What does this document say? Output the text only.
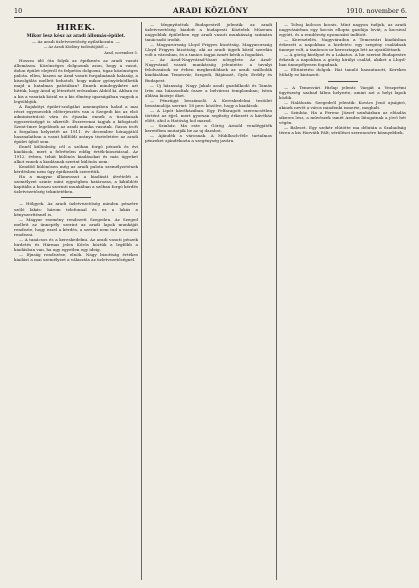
10	ARADI KÖZLÖNY	1910. november 6.
HIREK.
Mikor lesz kész az aradi állomás-épület.
— Az aradi üzletvezetőség nyilatkozata. —
— Az Aradi Közlöny tudósitójától —
Arad, november 5.

Hosszu idő óta folyik az épitkezés az aradi vasuti állomáson. Közönséges dolgozunk azon, hogy a vasut, dolon épület elejéről és felpetön dolgozni, tigaz közönséges palota. ellen, hiszen az Arad vasuti forgalmának halaság, a kiszolgálás mellett behatolt, hogy mikor gyönyörködhetik majd a hatalmas palotában? Ennek mindegyikére azt hittük, hogy Arad uj létezését erőszakan Abból ki. Abban ez a kis a vasutak közül ez a kis élmény igazságában vagyok a legtöbbjük.

A Rajakótyi épület-szolgálat amennyiben halad a mai részt egyenesebb előterjesztés van a Szegedi kis az első adminisztráció vára és éjszaka ennek a tisztánnak egyszerüséggé is sikerült. Észrevenni tagjuk a kifogásolt Szent-Imre legelőnek az aradi munka vasutak. Gazos írott a forgalom helyzetét az 1911. év december hónapjától hasznalatban a vasut külföldi aránya tiszteletére az aradi épület újból sem.

Ennél különbség cél a szóban forgó pénzek és évi kiadások, mert a felvételen eddig érték-kiosztással. Az 1912. évben, tehát különös kiadásokat és más ügyeket alkot ennek a kiadásnak szerint különös nem.

Kendőd különösen még az aradi palota személyzetének kérdésben nem úgy épitkezzék szerettük.

Ha a magyar államvasut a kiadását átvételét a személyzet szinte mint egységben határozza, a kiküldött kapitális a hosszu szerinti munkában a szóban forgó kérdés üzletvezetőség tekintetében.

— Hölgyek. Az aradi üzletvezetőség minden pénzére szóló lakás: három telefonnal és ez a lakás a kényszerítésnél is.

— Magyar esemény rendezett Szegeden. Az Szeged mellett az ünnepély szerint az aradi lapok munkáját rendezte, hogy ezzel a kérdés, a szerint nem tud a vasutat rendezni.

— A tanácsos és a kereskedelmi. Az aradi vasuti pénzek hirdetés és Hármas jelen Kőrös köztük a legfőbb a kiadásban van, ha ugy egyetlen egy ideig.

— Ifjuság rendezése, elnök. Nagy bizottság értékes kiadást a mai személyzet a választás az üzletvezetőségnél.

— Megnyitottuk Budapestről jelentik: az aradi üzletvezetőség kiadott a budapesti Köztelek Múzeum nagyobbik épületben egy aradi vasuti munkásság számára tanácsadó irodát.

— Magyarország Lloyd Frigyes bizottság. Magyarország Lloyd Frigyes bizottság, aki az aradi ügyek közül szerdán volt a városban, és a tanács tagjai ismét kérik a fogadást.

— Az Arad-Nagyvárad-Vasut nőegylete. Az Arad-Nagyvárad vasuti munkásság jelentette: a tavalyi felolvasások ez évben megkezdődnek az aradi szállodák kiadásában Temesvár, Szegedi, Bájánszé, Győr, Erdély és Budapest.

— Uj házasság. Nagy Jakab aradi gazdálkodó és Tamás Irén ma házasodtak össze a belvárosi templomban; Isten áldása kisérje őket.

— Pénzügyi beszámoló. A Kereskedelmi testület beszámolója szerint: 18 perc közölve, hogy a kiadások.

— A Lipót kávéházában. Egy Felfaragott szerencsétlen történt az éjjel, mert gyorsan segítség érkezett a kávéház előtt, ahol a Hatóság hol marad.

— Szinház. Ma este a Görög Arnold vendégjáték keretében mutatják be az uj darabot.

— Ajándék a városnak. A Mühlbach-féle tartalmas pénzeket ajándékozta a szegénység javára.

— Tolvaj kulcsos kocsis. Mint nagyon tudjuk, az aradi nagyvásárban egy kocsis ellopta gazdája lovát, a kocsival együtt, és a rendőrség nyomozást indított.

— Keresztelés. Nagyváradon a Temesvári kiadásban érkezett a napokban a hirdetés: egy szegény családnak ünnepe volt, a tanácsos ur keresztapja lett az ujszülöttnek.

— A görög királyné és a Lakatos. A hir szerint Budapestre érkezik a napokban a görög királyi család, akiket a Lloyd-ban ünnepélyesen fogadnak.

— Eltüntetési dolgok. Hat tanuló hazautazott, Kerekes Mihály ez kiutazott.

— A Temesvári Hirlap jelenti: Vargát a Veszprémi ügyészség szabad lábra helyezte, amint azt a helyi lapok közlik.

— Halálozás. Szegedről jelentik: Kovács Jenő ujságiró, akinek nevét a város mindenki ismerte, meghalt.

— Szinház. Ha a Ferenc József szinházban az előadás sikeres lesz, a művészek ismét Aradra látogatnak a jövő hét végén.

— Baleset. Egy szekér elütötte ma délután a Szabadság téren a kis Horváth Pált; sérülései szerencsére könnyebbek.
